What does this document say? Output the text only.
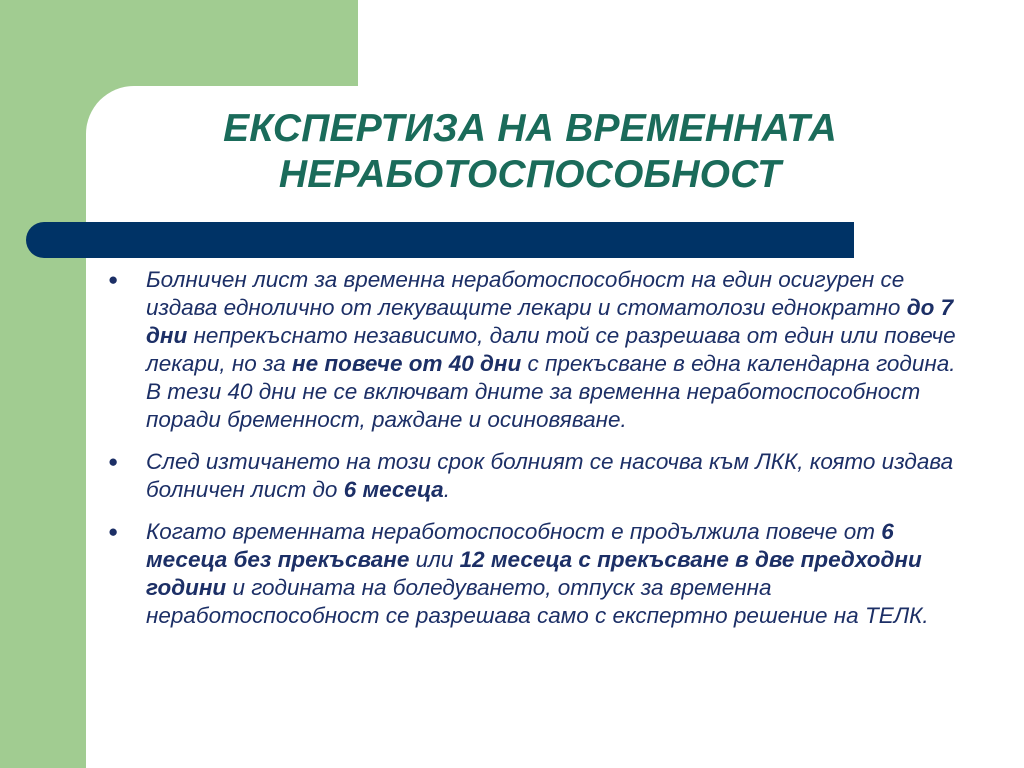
ЕКСПЕРТИЗА НА ВРЕМЕННАТА
НЕРАБОТОСПОСОБНОСТ
● Болничен лист за временна неработоспособност на един осигурен се издава еднолично от лекуващите лекари и стоматолози еднократно до 7 дни непрекъснато независимо, дали той се разрешава от един или повече лекари, но за не повече от 40 дни с прекъсване в една календарна година. В тези 40 дни не се включват дните за временна неработоспособност поради бременност, раждане и осиновяване.

● След изтичането на този срок болният се насочва към ЛКК, която издава болничен лист до 6 месеца.

● Когато временната неработоспособност е продължила повече от 6 месеца без прекъсване или 12 месеца с прекъсване в две предходни години и годината на боледуването, отпуск за временна неработоспособност се разрешава само с експертно решение на ТЕЛК.
